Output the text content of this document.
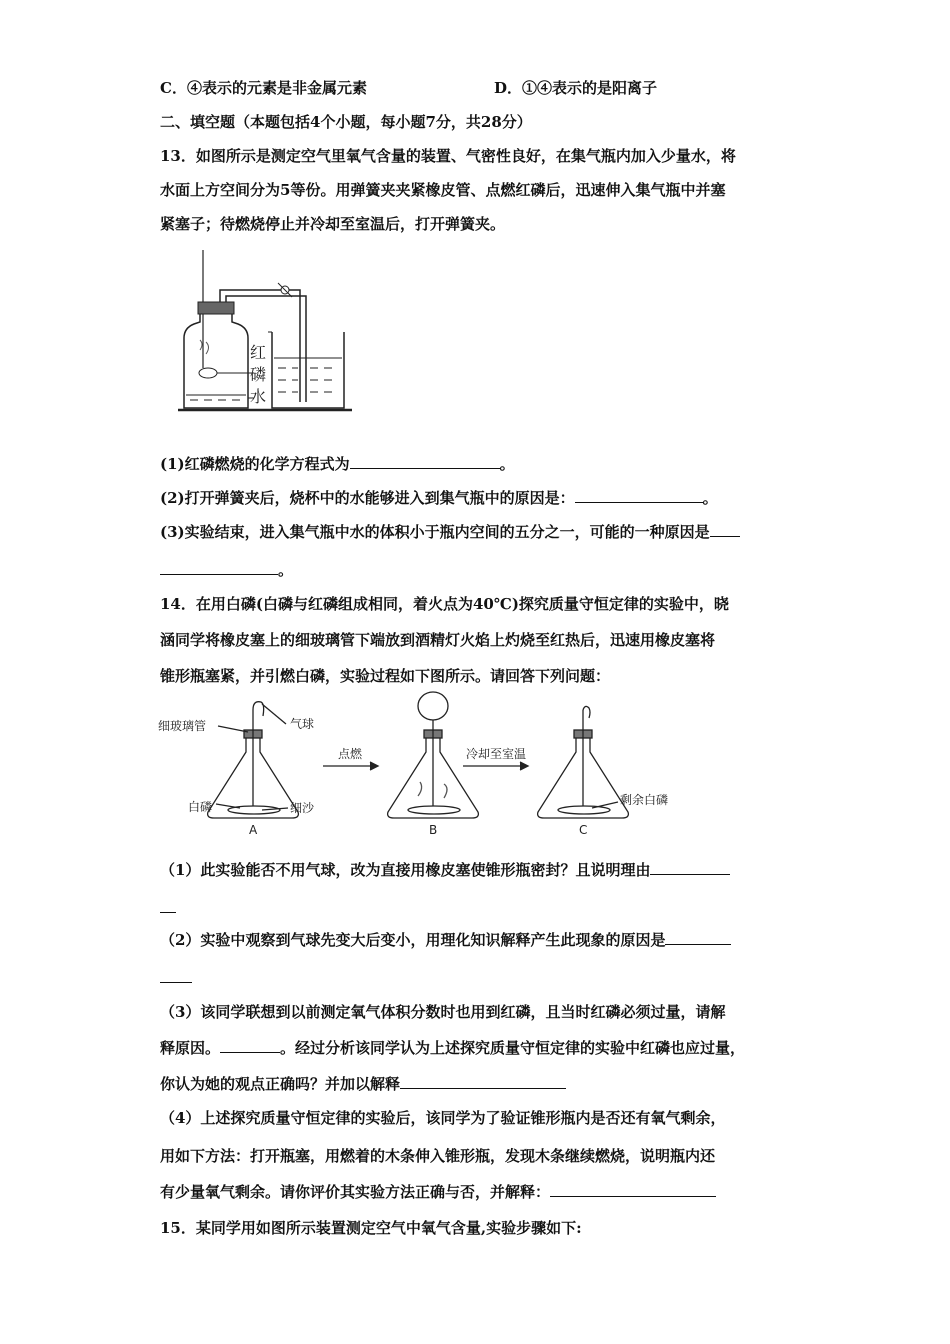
C．④表示的元素是非金属元素	D．①④表示的是阳离子
二、填空题（本题包括4个小题，每小题7分，共28分）
13．如图所示是测定空气里氧气含量的装置、气密性良好，在集气瓶内加入少量水，将
水面上方空间分为5等份。用弹簧夹夹紧橡皮管、点燃红磷后，迅速伸入集气瓶中并塞
紧塞子；待燃烧停止并冷却至室温后，打开弹簧夹。
红
磷
水
(1)红磷燃烧的化学方程式为	。
(2)打开弹簧夹后，烧杯中的水能够进入到集气瓶中的原因是：	。
(3)实验结束，进入集气瓶中水的体积小于瓶内空间的五分之一，可能的一种原因是
。
14．在用白磷(白磷与红磷组成相同，着火点为40℃)探究质量守恒定律的实验中，晓
涵同学将橡皮塞上的细玻璃管下端放到酒精灯火焰上灼烧至红热后，迅速用橡皮塞将
锥形瓶塞紧，并引燃白磷，实验过程如下图所示。请回答下列问题：
细玻璃管	气球
白磷	细沙
点燃	冷却至室温
剩余白磷
A	B	C
（1）此实验能否不用气球，改为直接用橡皮塞使锥形瓶密封？且说明理由
（2）实验中观察到气球先变大后变小，用理化知识解释产生此现象的原因是
（3）该同学联想到以前测定氧气体积分数时也用到红磷，且当时红磷必须过量，请解
释原因。	。经过分析该同学认为上述探究质量守恒定律的实验中红磷也应过量，
你认为她的观点正确吗？并加以解释
（4）上述探究质量守恒定律的实验后，该同学为了验证锥形瓶内是否还有氧气剩余，
用如下方法：打开瓶塞，用燃着的木条伸入锥形瓶，发现木条继续燃烧，说明瓶内还
有少量氧气剩余。请你评价其实验方法正确与否，并解释：
15．某同学用如图所示装置测定空气中氧气含量,实验步骤如下:
